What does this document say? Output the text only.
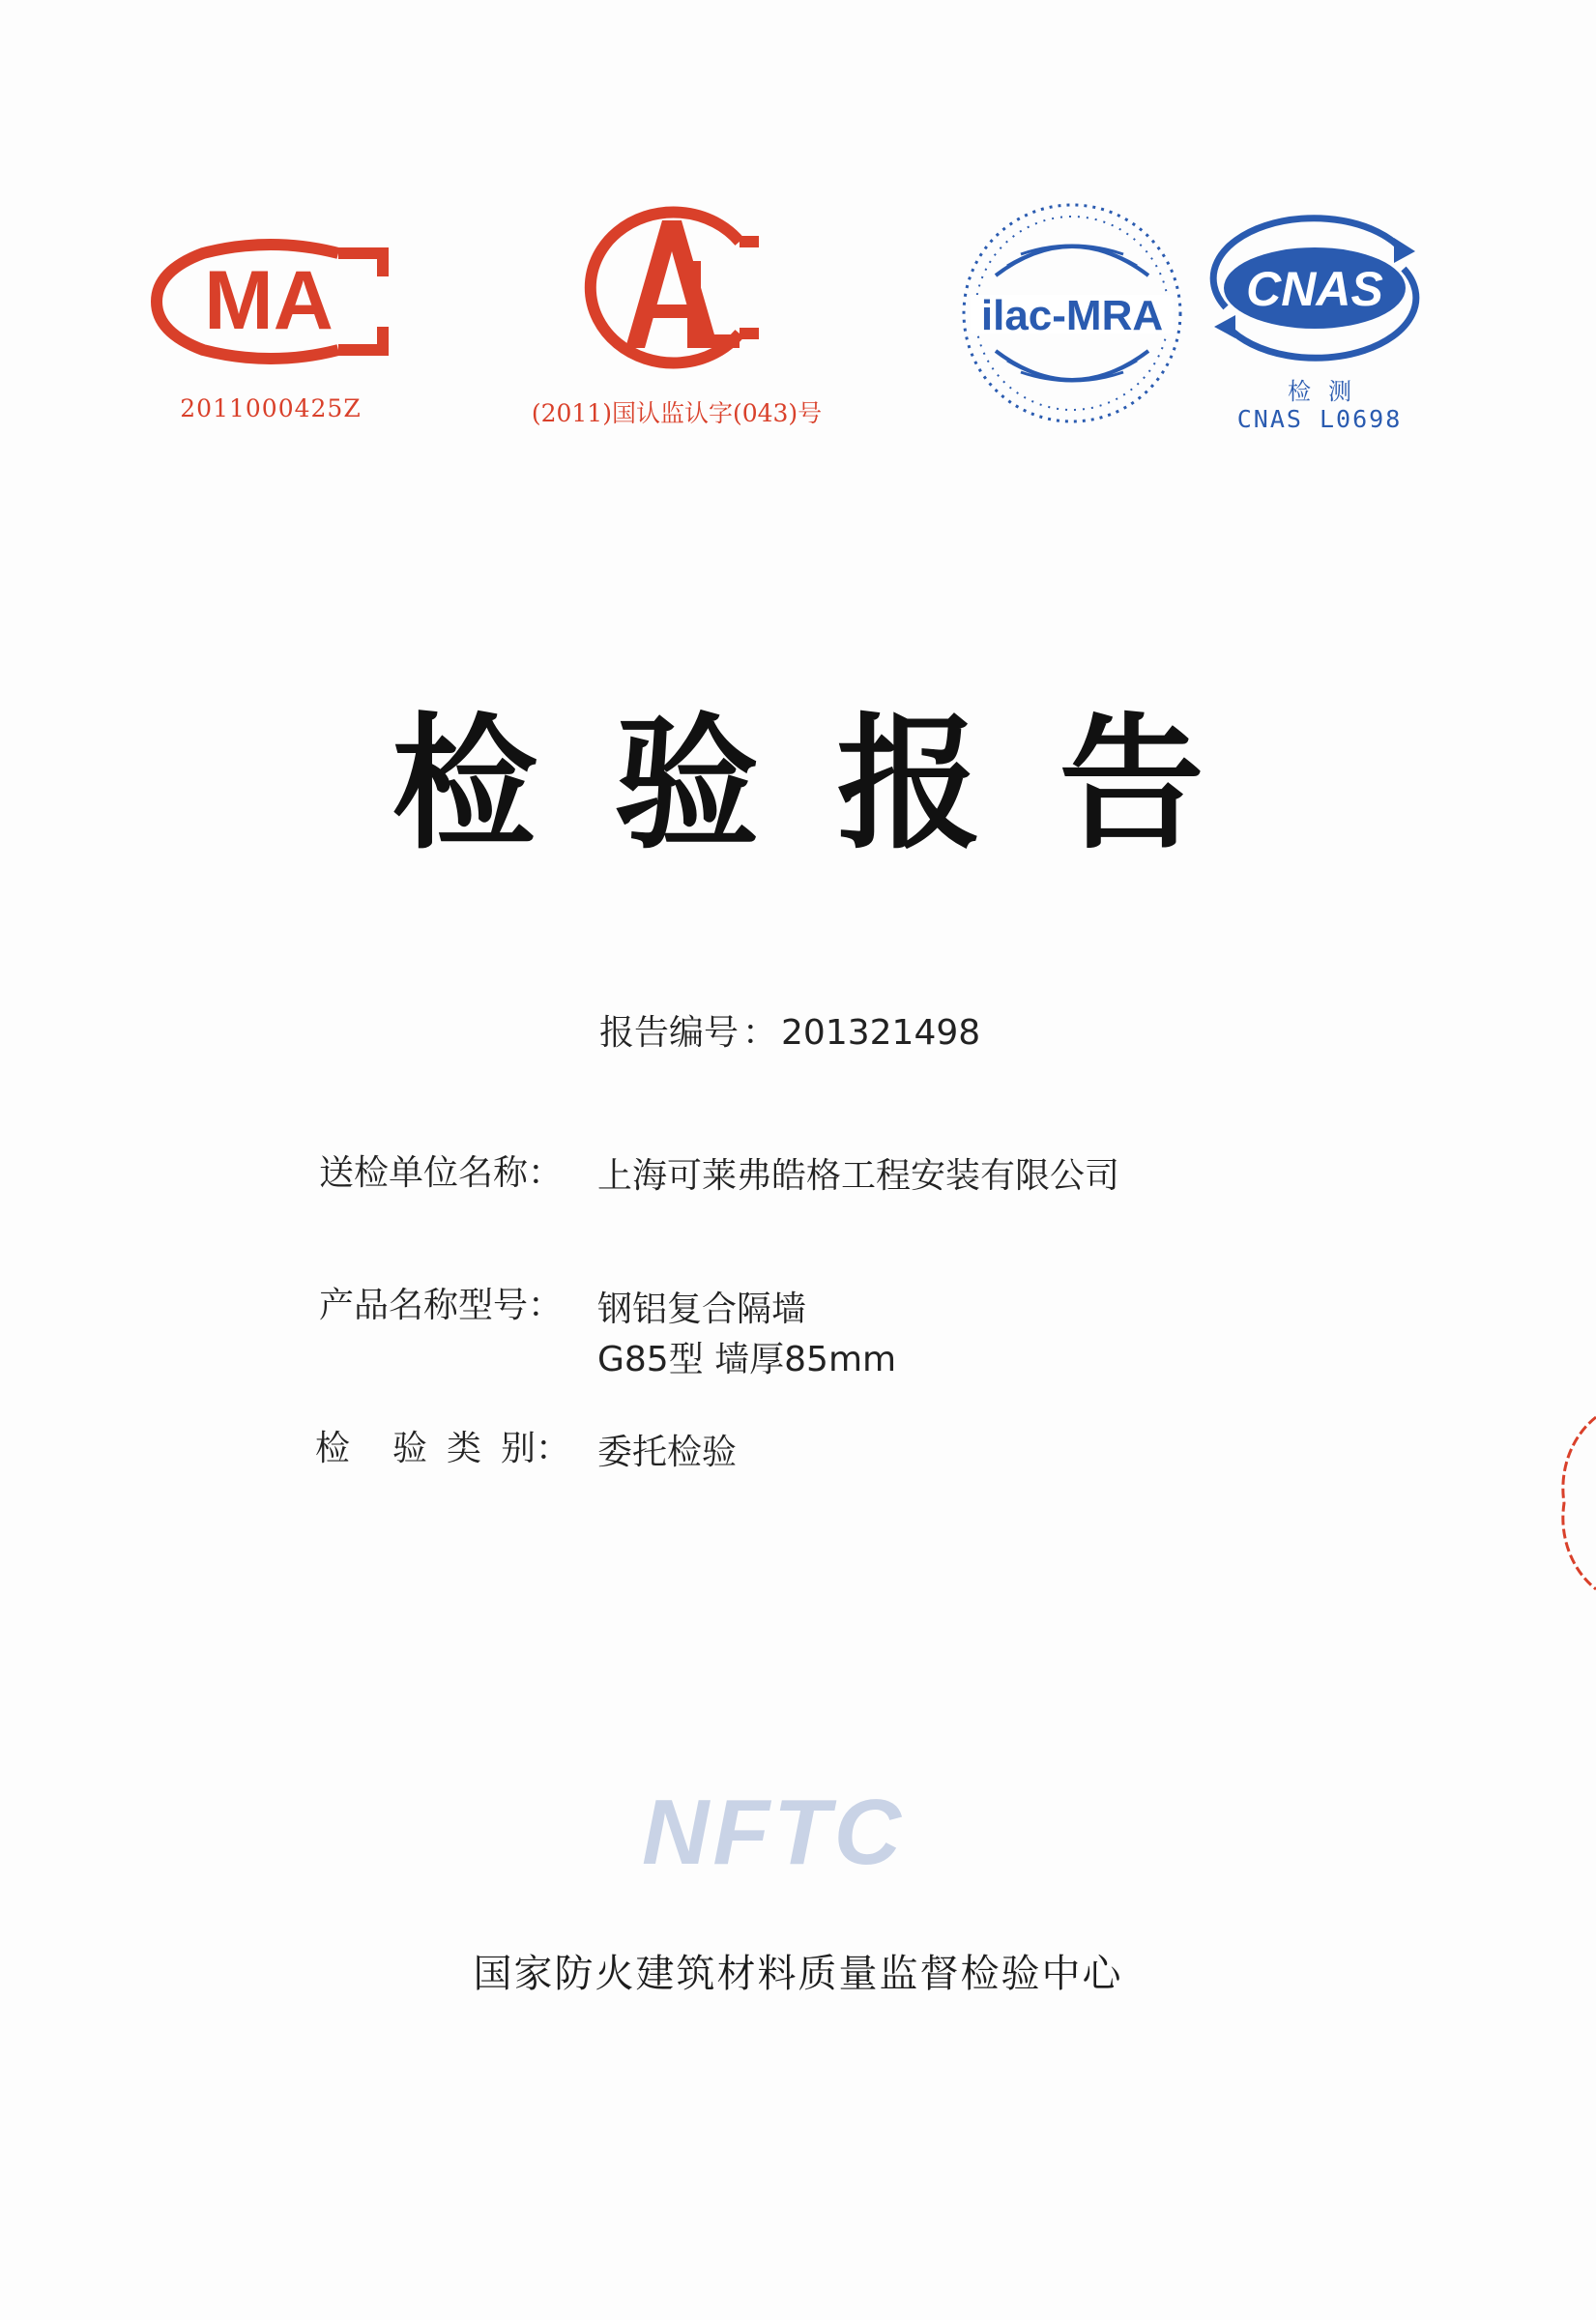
MA
2011000425Z	(2011)国认监认字(043)号
ilac-MRA CNAS
检测
CNAS L0698
检验报告
报告编号 ： 201321498
送检单位名称： 上海可莱弗皓格工程安装有限公司
产品名称型号： 钢铝复合隔墙
G85型 墙厚85mm
检 验 类 别： 委托检验
NFTC
国家防火建筑材料质量监督检验中心
